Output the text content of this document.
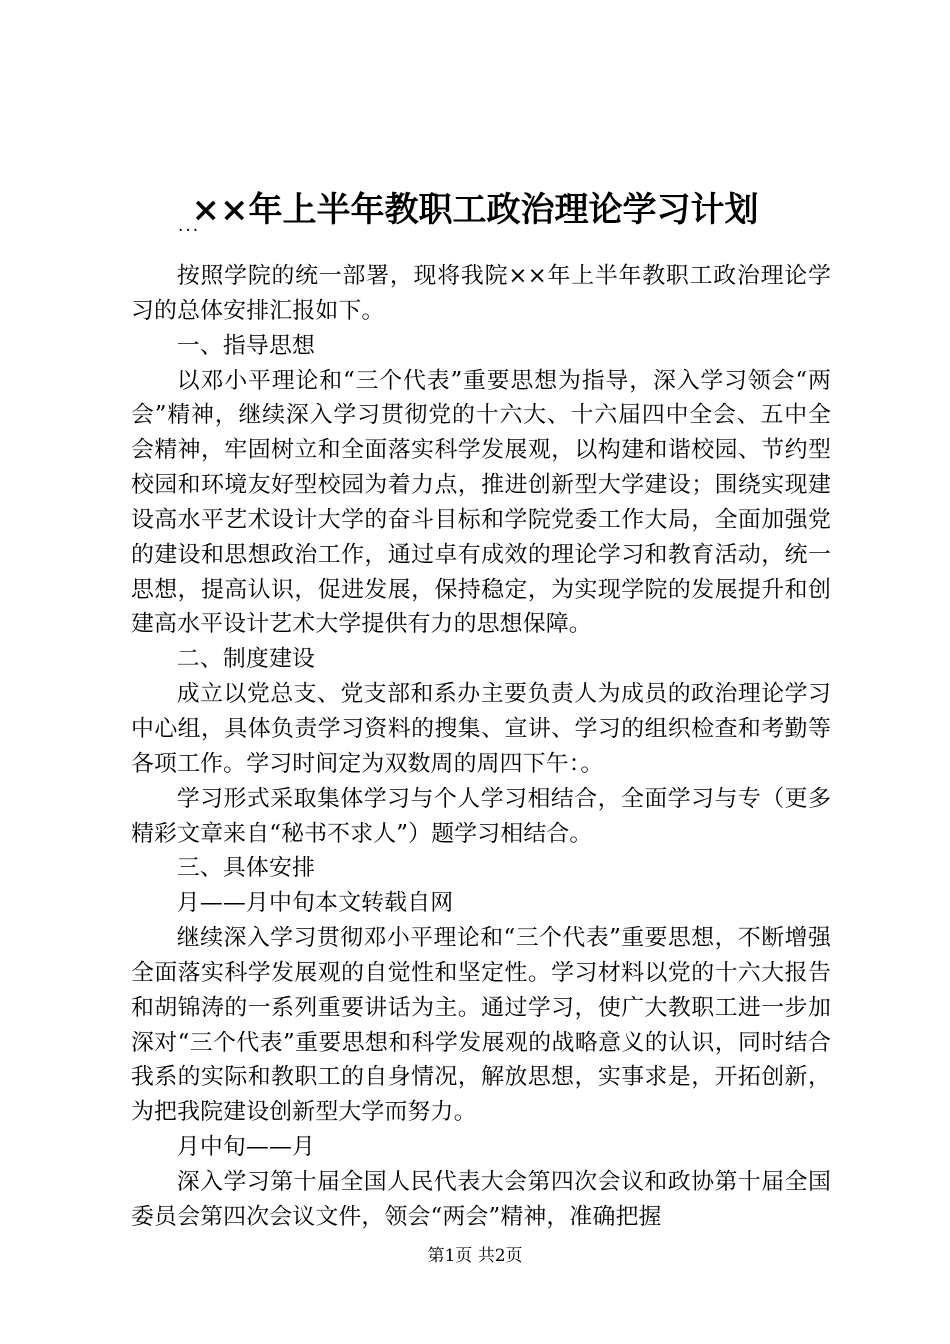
××年上半年教职工政治理论学习计划
...

按照学院的统一部署，现将我院××年上半年教职工政治理论学习的总体安排汇报如下。

一、指导思想

以邓小平理论和“三个代表”重要思想为指导，深入学习领会“两会”精神，继续深入学习贯彻党的十六大、十六届四中全会、五中全会精神，牢固树立和全面落实科学发展观，以构建和谐校园、节约型校园和环境友好型校园为着力点，推进创新型大学建设；围绕实现建设高水平艺术设计大学的奋斗目标和学院党委工作大局，全面加强党的建设和思想政治工作，通过卓有成效的理论学习和教育活动，统一思想，提高认识，促进发展，保持稳定，为实现学院的发展提升和创建高水平设计艺术大学提供有力的思想保障。

二、制度建设

成立以党总支、党支部和系办主要负责人为成员的政治理论学习中心组，具体负责学习资料的搜集、宣讲、学习的组织检查和考勤等各项工作。学习时间定为双数周的周四下午：。

学习形式采取集体学习与个人学习相结合，全面学习与专（更多精彩文章来自“秘书不求人”）题学习相结合。

三、具体安排

月——月中旬本文转载自网

继续深入学习贯彻邓小平理论和“三个代表”重要思想，不断增强全面落实科学发展观的自觉性和坚定性。学习材料以党的十六大报告和胡锦涛的一系列重要讲话为主。通过学习，使广大教职工进一步加深对“三个代表”重要思想和科学发展观的战略意义的认识，同时结合我系的实际和教职工的自身情况，解放思想，实事求是，开拓创新，为把我院建设创新型大学而努力。

月中旬——月

深入学习第十届全国人民代表大会第四次会议和政协第十届全国委员会第四次会议文件，领会“两会”精神，准确把握

第1页 共2页
